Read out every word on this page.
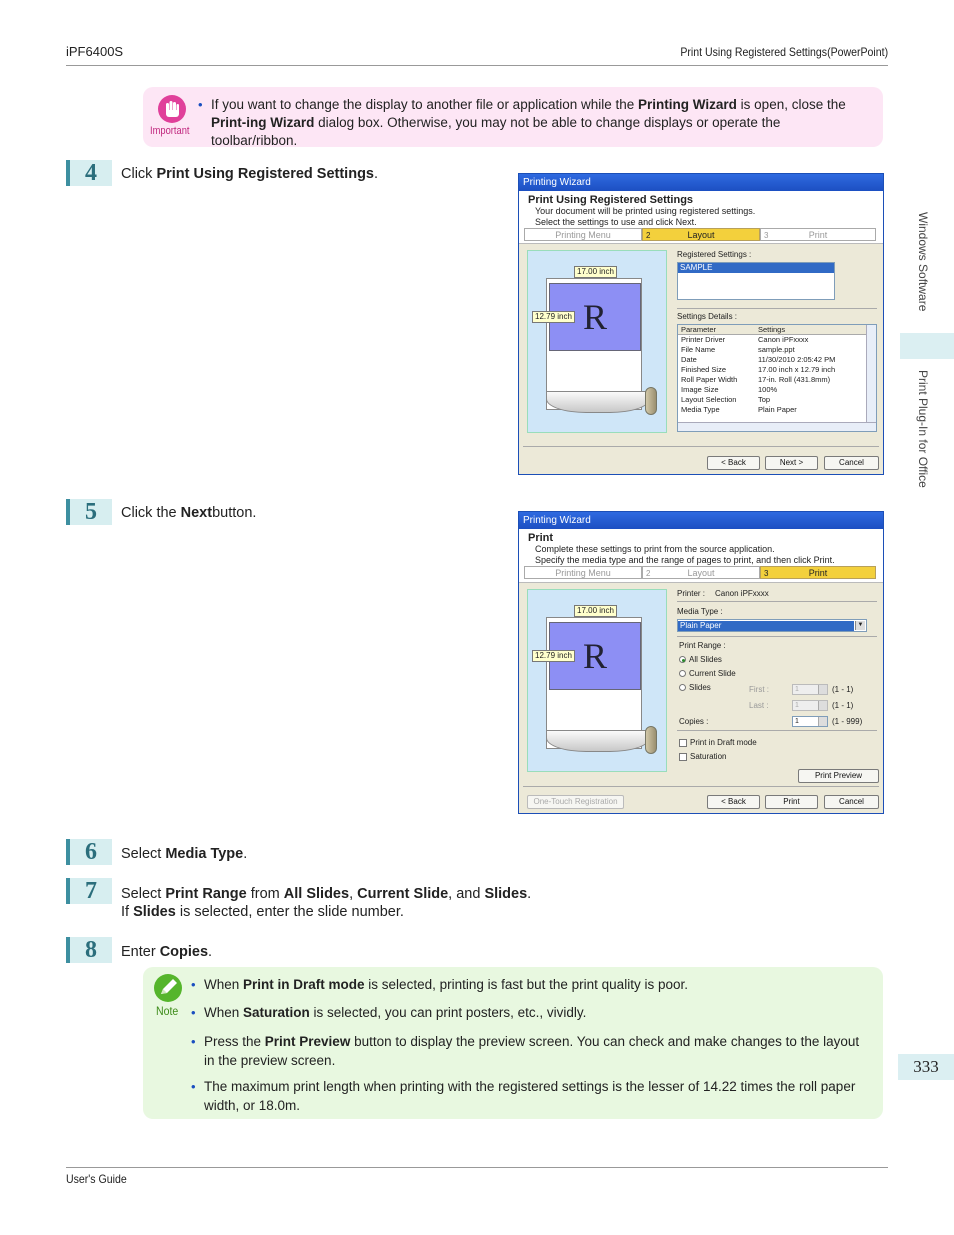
iPF6400S	Print Using Registered Settings(PowerPoint)
Windows Software
Print Plug-In for Office
333
User's Guide
Important
• If you want to change the display to another file or application while the Printing Wizard is open, close the Print-ing Wizard dialog box. Otherwise, you may not be able to change displays or operate the toolbar/ribbon.
4	Click Print Using Registered Settings.
Printing Wizard
Print Using Registered Settings
Your document will be printed using registered settings.
Select the settings to use and click Next.
Printing Menu	2	Layout	3	Print
R
17.00 inch
12.79 inch
Registered Settings :
SAMPLE
Settings Details :
Parameter	Settings
Printer Driver	Canon iPFxxxx
File Name	sample.ppt
Date	11/30/2010 2:05:42 PM
Finished Size	17.00 inch x 12.79 inch
Roll Paper Width	17-in. Roll (431.8mm)
Image Size	100%
Layout Selection	Top
Media Type	Plain Paper
< Back	Next >	Cancel
5	Click the Nextbutton.	Printing Wizard
Print
Complete these settings to print from the source application.
Specify the media type and the range of pages to print, and then click Print.
Printing Menu	2	Layout	3	Print
R
17.00 inch
12.79 inch
Printer : Canon iPFxxxx
Media Type :
Plain Paper	▼
Print Range :
All Slides
Current Slide
Slides	First :	1	(1 - 1)
Last :	1	(1 - 1)
Copies :	1	(1 - 999)
Print in Draft mode
Saturation
Print Preview
One-Touch Registration	< Back	Print	Cancel
6	Select Media Type.
7	Select Print Range from All Slides, Current Slide, and Slides.
If Slides is selected, enter the slide number.
8	Enter Copies.
Note
• When Print in Draft mode is selected, printing is fast but the print quality is poor.
• When Saturation is selected, you can print posters, etc., vividly.
• Press the Print Preview button to display the preview screen. You can check and make changes to the layout in the preview screen.
• The maximum print length when printing with the registered settings is the lesser of 14.22 times the roll paper width, or 18.0m.
